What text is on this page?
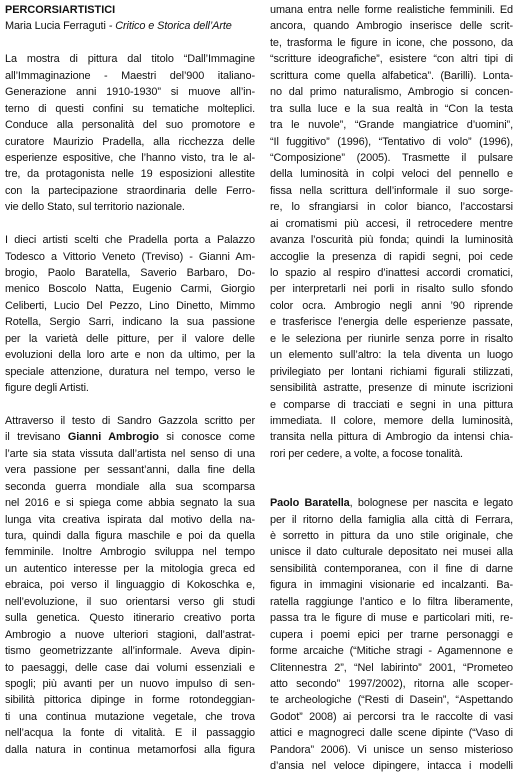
PERCORSIARTISTICI
Maria Lucia Ferraguti - Critico e Storica dell’Arte
La mostra di pittura dal titolo “Dall’Immagine
all’Immaginazione - Maestri del’900 italiano-
Generazione anni 1910-1930” si muove all’in-
terno di questi confini su tematiche molteplici.
Conduce alla personalità del suo promotore e
curatore Maurizio Pradella, alla ricchezza delle
esperienze espositive, che l’hanno visto, tra le al-
tre, da protagonista nelle 19 esposizioni allestite
con la partecipazione straordinaria delle Ferro-
vie dello Stato, sul territorio nazionale.
I dieci artisti scelti che Pradella porta a Palazzo
Todesco a Vittorio Veneto (Treviso) - Gianni Am-
brogio, Paolo Baratella, Saverio Barbaro, Do-
menico Boscolo Natta, Eugenio Carmi, Giorgio
Celiberti, Lucio Del Pezzo, Lino Dinetto, Mimmo
Rotella, Sergio Sarri, indicano la sua passione
per la varietà delle pitture, per il valore delle
evoluzioni della loro arte e non da ultimo, per la
speciale attenzione, duratura nel tempo, verso le
figure degli Artisti.
Attraverso il testo di Sandro Gazzola scritto per
il trevisano Gianni Ambrogio si conosce come
l’arte sia stata vissuta dall’artista nel senso di una
vera passione per sessant’anni, dalla fine della
seconda guerra mondiale alla sua scomparsa
nel 2016 e si spiega come abbia segnato la sua
lunga vita creativa ispirata dal motivo della na-
tura, quindi dalla figura maschile e poi da quella
femminile. Inoltre Ambrogio sviluppa nel tempo
un autentico interesse per la mitologia greca ed
ebraica, poi verso il linguaggio di Kokoschka e,
nell’evoluzione, il suo orientarsi verso gli studi
sulla genetica. Questo itinerario creativo porta
Ambrogio a nuove ulteriori stagioni, dall’astrat-
tismo geometrizzante all’informale. Aveva dipin-
to paesaggi, delle case dai volumi essenziali e
spogli; più avanti per un nuovo impulso di sen-
sibilità pittorica dipinge in forme rotondeggian-
ti una continua mutazione vegetale, che trova
nell’acqua la fonte di vitalità. E il passaggio
dalla natura in continua metamorfosi alla figura
umana entra nelle forme realistiche femminili. Ed
ancora, quando Ambrogio inserisce delle scrit-
te, trasforma le figure in icone, che possono, da
“scritture ideografiche”, esistere “con altri tipi di
scrittura come quella alfabetica”. (Barilli). Lonta-
no dal primo naturalismo, Ambrogio si concen-
tra sulla luce e la sua realtà in “Con la testa
tra le nuvole”, “Grande mangiatrice d’uomini”,
“Il fuggitivo” (1996), “Tentativo di volo” (1996),
“Composizione” (2005). Trasmette il pulsare
della luminosità in colpi veloci del pennello e
fissa nella scrittura dell’informale il suo sorge-
re, lo sfrangiarsi in color bianco, l’accostarsi
ai cromatismi più accesi, il retrocedere mentre
avanza l’oscurità più fonda; quindi la luminosità
accoglie la presenza di rapidi segni, poi cede
lo spazio al respiro d’inattesi accordi cromatici,
per interpretarli nei porli in risalto sullo sfondo
color ocra. Ambrogio negli anni ’90 riprende
e trasferisce l’energia delle esperienze passate,
e le seleziona per riunirle senza porre in risalto
un elemento sull’altro: la tela diventa un luogo
privilegiato per lontani richiami figurali stilizzati,
sensibilità astratte, presenze di minute iscrizioni
e comparse di tracciati e segni in una pittura
immediata. Il colore, memore della luminosità,
transita nella pittura di Ambrogio da intensi chia-
rori per cedere, a volte, a focose tonalità.
Paolo Baratella, bolognese per nascita e legato
per il ritorno della famiglia alla città di Ferrara,
è sorretto in pittura da uno stile originale, che
unisce il dato culturale depositato nei musei alla
sensibilità contemporanea, con il fine di darne
figura in immagini visionarie ed incalzanti. Ba-
ratella raggiunge l’antico e lo filtra liberamente,
passa tra le figure di muse e particolari miti, re-
cupera i poemi epici per trarne personaggi e
forme arcaiche (“Mitiche stragi - Agamennone e
Clitennestra 2”, “Nel labirinto” 2001, “Prometeo
atto secondo” 1997/2002), ritorna alle scoper-
te archeologiche (“Resti di Dasein”, “Aspettando
Godot” 2008) ai percorsi tra le raccolte di vasi
attici e magnogreci dalle scene dipinte (“Vaso di
Pandora” 2006). Vi unisce un senso misterioso
d’ansia nel veloce dipingere, intacca i modelli
